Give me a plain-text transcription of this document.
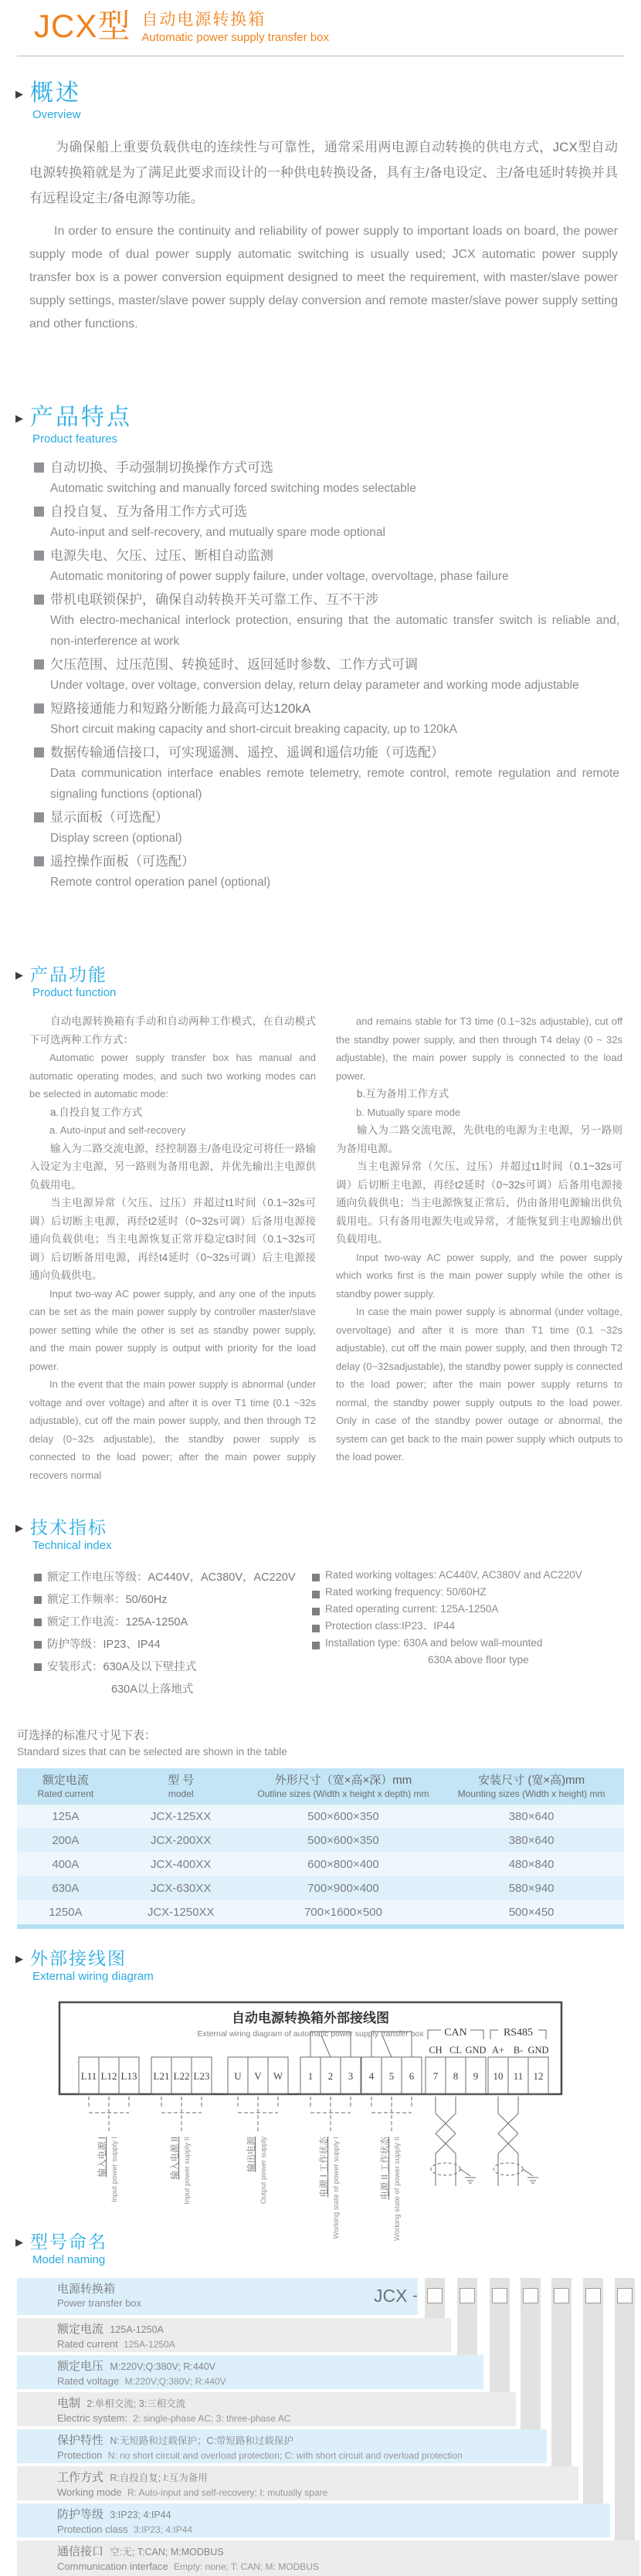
JCX型 自动电源转换箱
Automatic power supply transfer box
▶ 概述
Overview
为确保船上重要负载供电的连续性与可靠性，通常采用两电源自动转换的供电方式，JCX型自动电源转换箱就是为了满足此要求而设计的一种供电转换设备，具有主/备电设定、主/备电延时转换并具有远程设定主/备电源等功能。
In order to ensure the continuity and reliability of power supply to important loads on board, the power supply mode of dual power supply automatic switching is usually used; JCX automatic power supply transfer box is a power conversion equipment designed to meet the requirement, with master/slave power supply settings, master/slave power supply delay conversion and remote master/slave power supply setting and other functions.
▶ 产品特点
Product features
自动切换、手动强制切换操作方式可选
Automatic switching and manually forced switching modes selectable
自投自复、互为备用工作方式可选
Auto-input and self-recovery, and mutually spare mode optional
电源失电、欠压、过压、断相自动监测
Automatic monitoring of power supply failure, under voltage, overvoltage, phase failure
带机电联锁保护，确保自动转换开关可靠工作、互不干涉
With electro-mechanical interlock protection, ensuring that the automatic transfer switch is reliable and, non-interference at work
欠压范围、过压范围、转换延时、返回延时参数、工作方式可调
Under voltage, over voltage, conversion delay, return delay parameter and working mode adjustable
短路接通能力和短路分断能力最高可达120kA
Short circuit making capacity and short-circuit breaking capacity, up to 120kA
数据传输通信接口，可实现遥测、遥控、遥调和遥信功能（可选配）
Data communication interface enables remote telemetry, remote control, remote regulation and remote signaling functions (optional)
显示面板（可选配）
Display screen (optional)
遥控操作面板（可选配）
Remote control operation panel (optional)
▶ 产品功能
Product function
自动电源转换箱有手动和自动两种工作模式，在自动模式下可选两种工作方式：
Automatic power supply transfer box has manual and automatic operating modes, and such two working modes can be selected in automatic mode:
a.自投自复工作方式
a. Auto-input and self-recovery
输入为二路交流电源，经控制器主/备电设定可将任一路输入设定为主电源，另一路则为备用电源，并优先输出主电源供负载用电。
当主电源异常（欠压、过压）并超过t1时间（0.1~32s可调）后切断主电源，再经t2延时（0~32s可调）后备用电源接通向负载供电；当主电源恢复正常并稳定t3时间（0.1~32s可调）后切断备用电源，再经t4延时（0~32s可调）后主电源接通向负载供电。
Input two-way AC power supply, and any one of the inputs can be set as the main power supply by controller master/slave power setting while the other is set as standby power supply, and the main power supply is output with priority for the load power.
In the event that the main power supply is abnormal (under voltage and over voltage) and after it is over T1 time (0.1 ~32s adjustable), cut off the main power supply, and then through T2 delay (0~32s adjustable), the standby power supply is connected to the load power; after the main power supply recovers normal
and remains stable for T3 time (0.1~32s adjustable), cut off the standby power supply, and then through T4 delay (0 ~ 32s adjustable), the main power supply is connected to the load power.
b.互为备用工作方式
b. Mutually spare mode
输入为二路交流电源，先供电的电源为主电源，另一路则为备用电源。
当主电源异常（欠压、过压）并超过t1时间（0.1~32s可调）后切断主电源，再经t2延时（0~32s可调）后备用电源接通向负载供电；当主电源恢复正常后，仍由备用电源输出供负载用电。只有备用电源失电或异常，才能恢复到主电源输出供负载用电。
Input two-way AC power supply, and the power supply which works first is the main power supply while the other is standby power supply.
In case the main power supply is abnormal (under voltage, overvoltage) and after it is more than T1 time (0.1 ~32s adjustable), cut off the main power supply, and then through T2 delay (0~32sadjustable), the standby power supply is connected to the load power; after the main power supply returns to normal, the standby power supply outputs to the load power. Only in case of the standby power outage or abnormal, the system can get back to the main power supply which outputs to the load power.
▶ 技术指标
Technical index
额定工作电压等级：AC440V，AC380V，AC220V
额定工作频率：50/60Hz
额定工作电流：125A-1250A
防护等级：IP23、IP44
安装形式：630A及以下壁挂式
630A以上落地式
Rated working voltages: AC440V, AC380V and AC220V
Rated working frequency: 50/60HZ
Rated operating current: 125A-1250A
Protection class:IP23、IP44
Installation type: 630A and below wall-mounted
630A above floor type
可选择的标准尺寸见下表：
Standard sizes that can be selected are shown in the table
额定电流
Rated current	型 号
model	外形尺寸（宽×高×深）mm
Outline sizes (Width x height x depth) mm	安装尺寸 (宽×高)mm
Mounting sizes (Width x height) mm

125A	JCX-125XX	500×600×350	380×640
200A	JCX-200XX	500×600×350	380×640
400A	JCX-400XX	600×800×400	480×840
630A	JCX-630XX	700×900×400	580×940
1250A	JCX-1250XX	700×1600×500	500×450
▶ 外部接线图
External wiring diagram
自动电源转换箱外部接线图
External wiring diagram of automatic power supply transfer box CAN	RS485
CH CL GND A+ B- GND
L11 L12 L13 L21 L22 L23 U V W	1 2 3 4 5 6 7 8 9 10 11 12
输入电源 I Input power supply I	输入电源 II Input power supply II	输出电源 Output power supply	电源 I 工作状态 Working state of power supply I	电源 II 工作状态 Working state of power supply II
▶ 型号命名
Model naming
电源转换箱
Power transfer box	JCX -
额定电流 125A-1250A
Rated current 125A-1250A
额定电压 M:220V;Q:380V; R:440V
Rated voltage M:220V;Q:380V; R:440V
电制 2:单相交流; 3:三相交流
Electric system: 2: single-phase AC; 3: three-phase AC
保护特性 N:无短路和过载保护；C:带短路和过载保护
Protection N: no short circuit and overload protection; C: with short circuit and overload protection
工作方式 R:自投自复; I:互为备用
Working mode R: Auto-input and self-recovery; I: mutually spare
防护等级 3:IP23; 4:IP44
Protection class 3:IP23; 4:IP44
通信接口 空:无; T:CAN; M:MODBUS
Communication interface Empty: none; T: CAN; M: MODBUS
